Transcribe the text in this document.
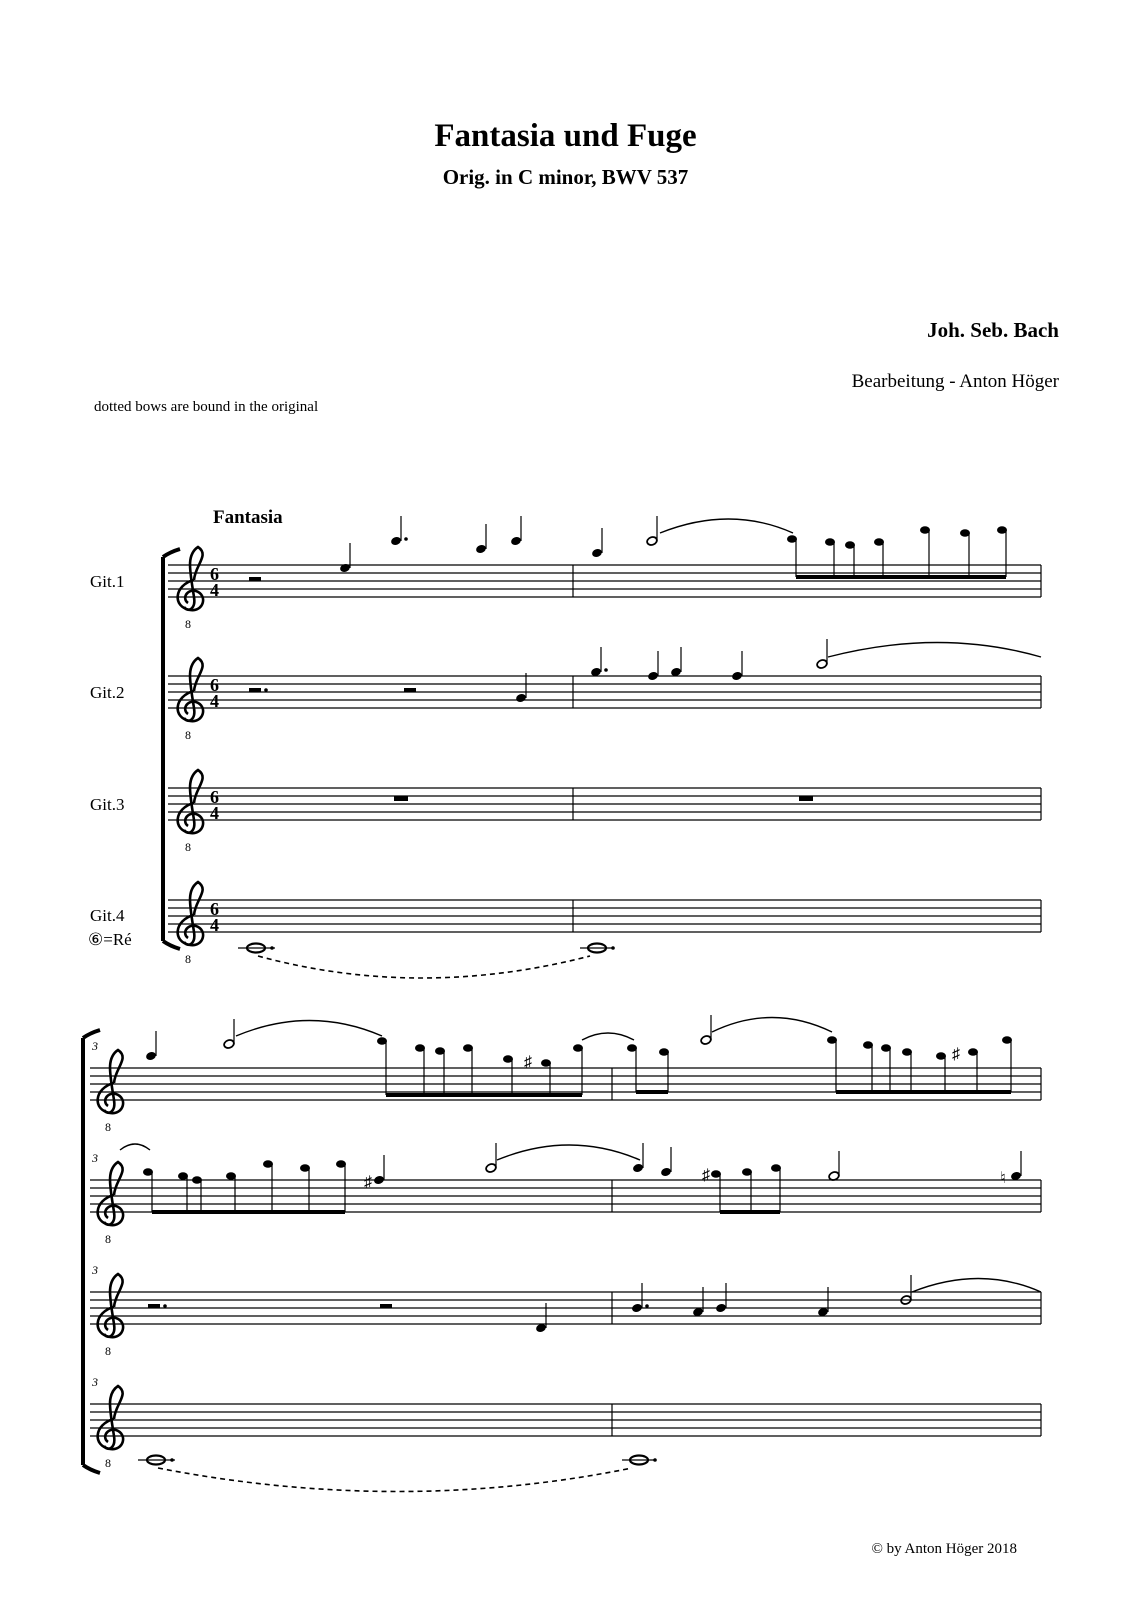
Fantasia und Fuge
Orig. in C minor, BWV 537
Joh. Seb. Bach
Bearbeitung - Anton Höger
dotted bows are bound in the original
Fantasia
8
6
4
Git.1
8
6
4
Git.2
8
6
4
Git.3
8
6
4
Git.4
⑥=Ré
3
8
♯	♯
3
8
♯	♯	♮
3
8
3
8
© by Anton Höger 2018
